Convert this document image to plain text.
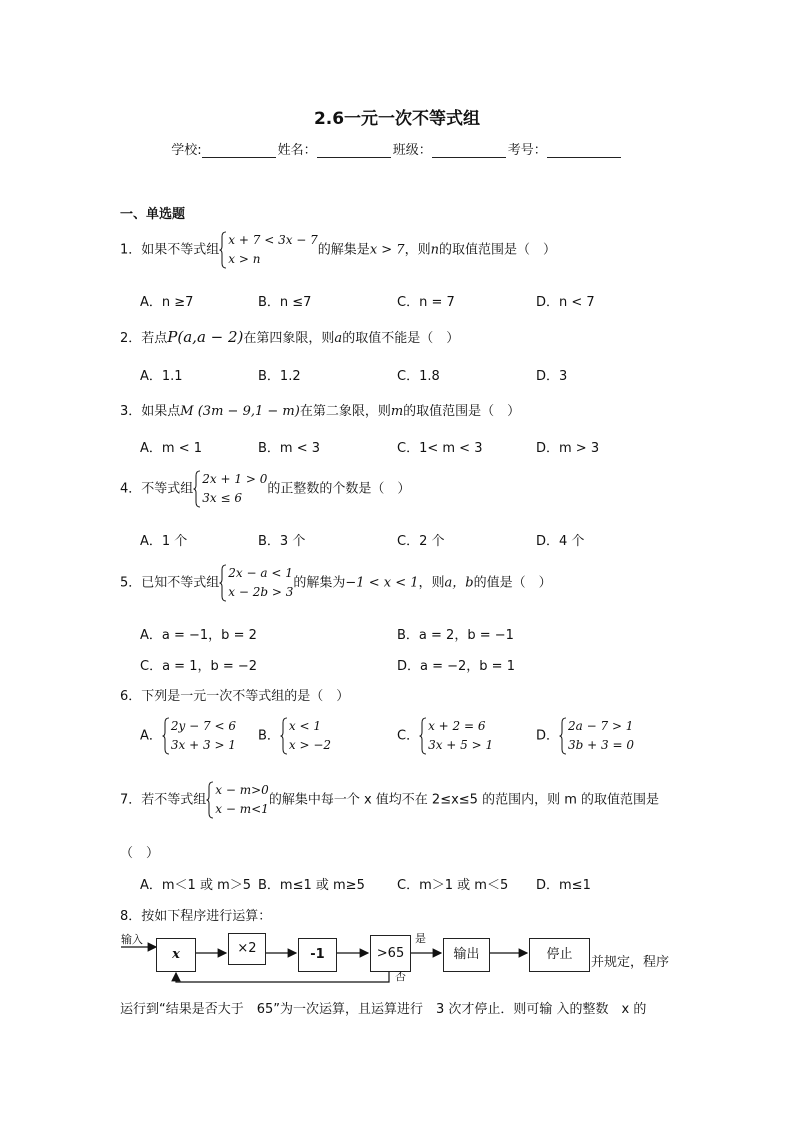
2.6一元一次不等式组
学校:	姓名：	班级：	考号：
一、单选题
1．如果不等式组
x + 7 < 3x − 7
x > n
的解集是x > 7，则n的取值范围是（　）
A．n ≥7	B．n ≤7	C．n = 7	D．n < 7
2．若点P(a,a − 2)在第四象限，则a的取值不能是（　）
A．1.1	B．1.2	C．1.8	D．3
3．如果点M (3m − 9,1 − m)在第二象限，则m的取值范围是（　）
A．m < 1	B．m < 3	C．1< m < 3	D．m > 3
4．不等式组
2x + 1 > 0
3x ≤ 6
的正整数的个数是（　）
A．1 个	B．3 个	C．2 个	D．4 个
5．已知不等式组
2x − a < 1
x − 2b > 3
的解集为−1 < x < 1，则a，b的值是（　）
A．a = −1，b = 2	B．a = 2，b = −1
C．a = 1，b = −2	D．a = −2，b = 1
6．下列是一元一次不等式组的是（　）
A．
2y − 7 < 6
3x + 3 > 1
B．
x < 1
x > −2
C．
x + 2 = 6
3x + 5 > 1
D．
2a − 7 > 1
3b + 3 = 0
7．若不等式组
x − m>0
x − m<1
的解集中每一个 x 值均不在 2≤x≤5 的范围内，则 m 的取值范围是
（　）
A．m＜1 或 m＞5 B．m≤1 或 m≥5 C．m＞1 或 m＜5 D．m≤1
8．按如下程序进行运算：
输入
x	×2	-1	>65
是
否
输出	停止
并规定，程序
运行到“结果是否大于　65”为一次运算，且运算进行　3 次才停止．则可输 入的整数　x 的
